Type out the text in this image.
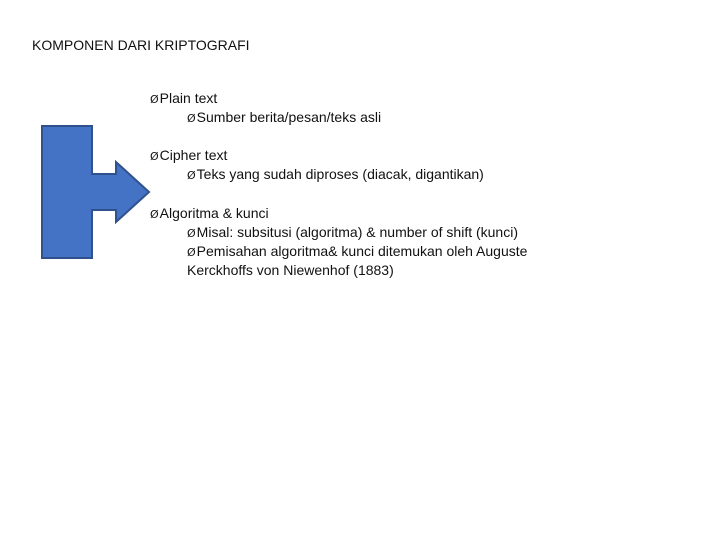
KOMPONEN DARI KRIPTOGRAFI
ØPlain text
ØSumber berita/pesan/teks asli
ØCipher text
ØTeks yang sudah diproses (diacak, digantikan)
ØAlgoritma & kunci
ØMisal: subsitusi (algoritma) & number of shift (kunci)
ØPemisahan algoritma& kunci ditemukan oleh Auguste
Kerckhoffs von Niewenhof (1883)
